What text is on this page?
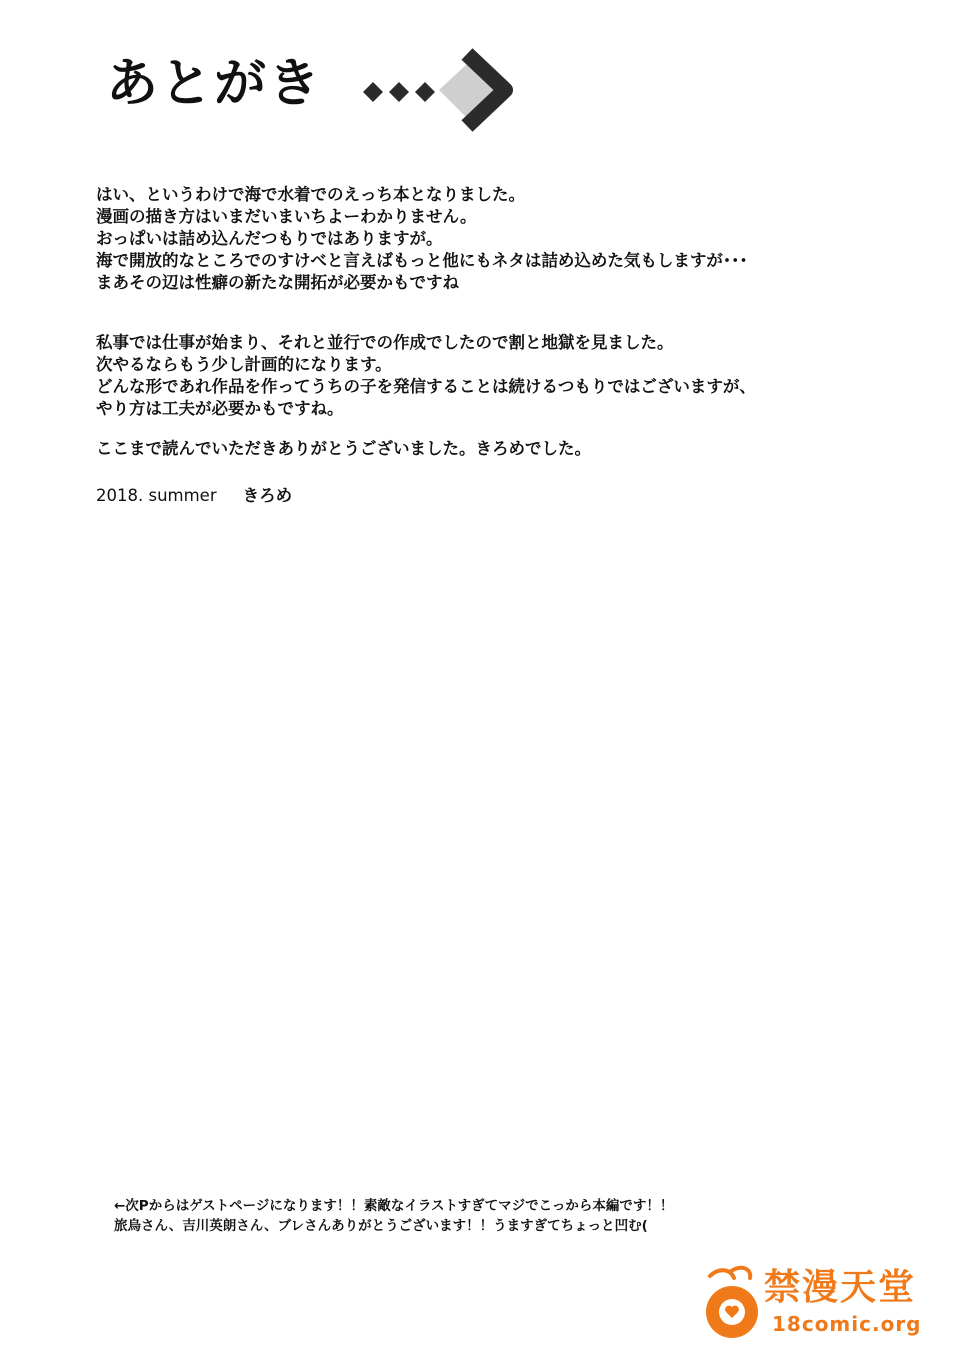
あとがき
はい、というわけで海で水着でのえっち本となりました。
漫画の描き方はいまだいまいちよーわかりません。
おっぱいは詰め込んだつもりではありますが。
海で開放的なところでのすけべと言えばもっと他にもネタは詰め込めた気もしますが･･･
まあその辺は性癖の新たな開拓が必要かもですね
私事では仕事が始まり、それと並行での作成でしたので割と地獄を見ました。
次やるならもう少し計画的になります。
どんな形であれ作品を作ってうちの子を発信することは続けるつもりではございますが、
やり方は工夫が必要かもですね。
ここまで読んでいただきありがとうございました。きろめでした。
2018. summer きろめ
←次Pからはゲストページになります！！素敵なイラストすぎてマジでこっから本編です！！
旅烏さん、吉川英朗さん、ブレさんありがとうございます！！うますぎてちょっと凹む(
禁漫天堂
18comic.org
